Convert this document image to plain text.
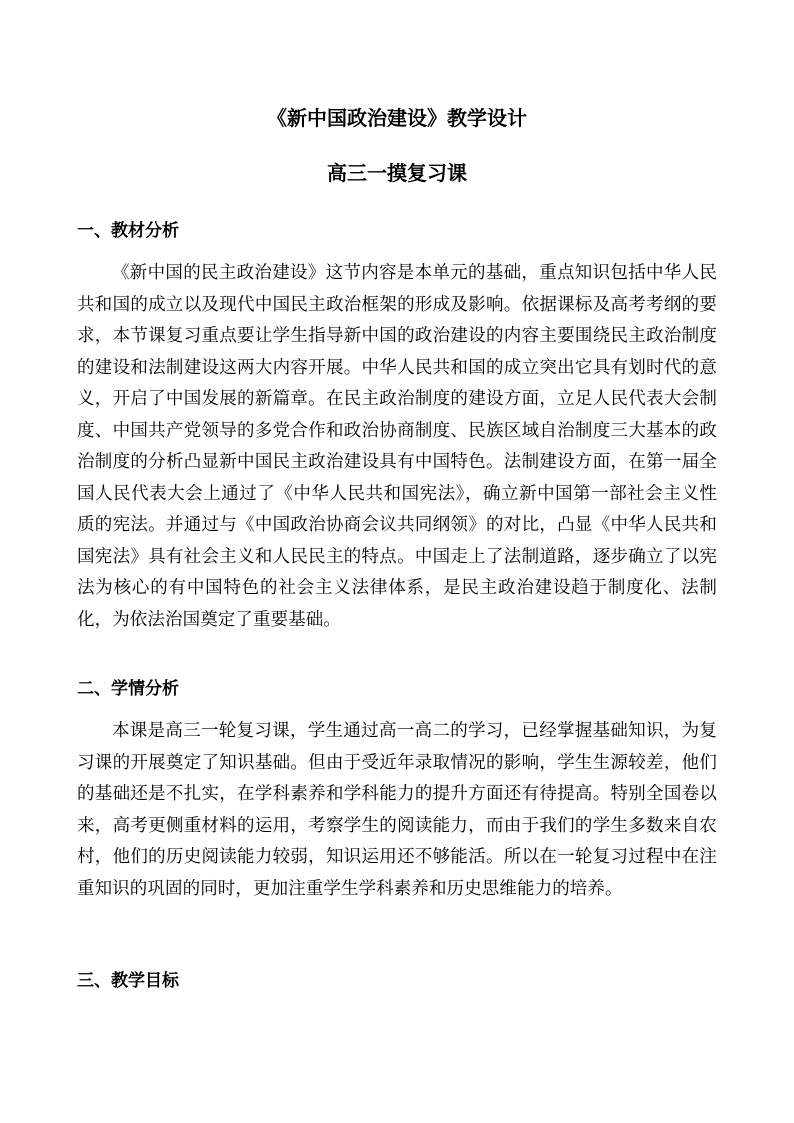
《新中国政治建设》教学设计
高三一摸复习课
一、教材分析

《新中国的民主政治建设》这节内容是本单元的基础，重点知识包括中华人民共和国的成立以及现代中国民主政治框架的形成及影响。依据课标及高考考纲的要求，本节课复习重点要让学生指导新中国的政治建设的内容主要围绕民主政治制度的建设和法制建设这两大内容开展。中华人民共和国的成立突出它具有划时代的意义，开启了中国发展的新篇章。在民主政治制度的建设方面，立足人民代表大会制度、中国共产党领导的多党合作和政治协商制度、民族区域自治制度三大基本的政治制度的分析凸显新中国民主政治建设具有中国特色。法制建设方面，在第一届全国人民代表大会上通过了《中华人民共和国宪法》，确立新中国第一部社会主义性质的宪法。并通过与《中国政治协商会议共同纲领》的对比，凸显《中华人民共和国宪法》具有社会主义和人民民主的特点。中国走上了法制道路，逐步确立了以宪法为核心的有中国特色的社会主义法律体系，是民主政治建设趋于制度化、法制化，为依法治国奠定了重要基础。

二、学情分析

本课是高三一轮复习课，学生通过高一高二的学习，已经掌握基础知识，为复习课的开展奠定了知识基础。但由于受近年录取情况的影响，学生生源较差，他们的基础还是不扎实，在学科素养和学科能力的提升方面还有待提高。特别全国卷以来，高考更侧重材料的运用，考察学生的阅读能力，而由于我们的学生多数来自农村，他们的历史阅读能力较弱，知识运用还不够能活。所以在一轮复习过程中在注重知识的巩固的同时，更加注重学生学科素养和历史思维能力的培养。

三、教学目标
